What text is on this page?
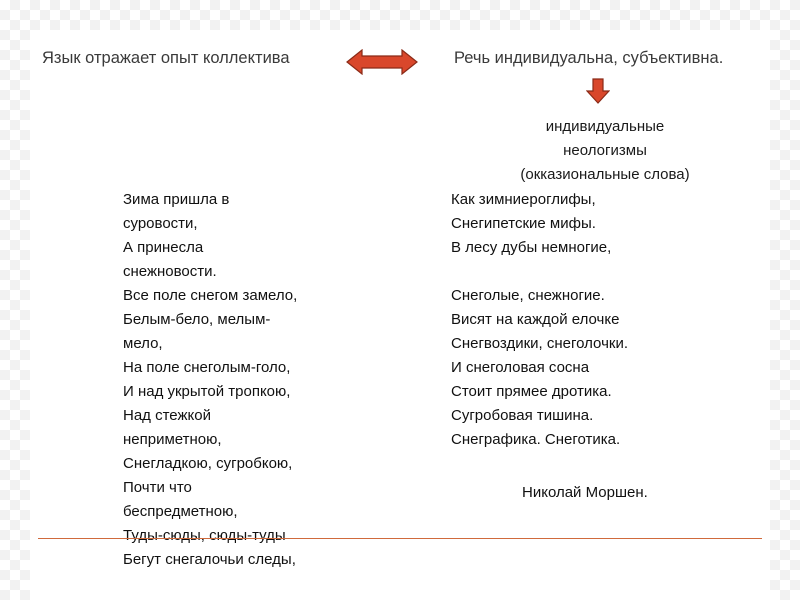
Язык отражает опыт коллектива	Речь индивидуальна, субъективна.
индивидуальные
неологизмы
(окказиональные слова)
Зима пришла в
суровости,
А принесла
снежновости.
Все поле снегом замело,
Белым-бело, мелым-
мело,
На поле снеголым-голо,
И над укрытой тропкою,
Над стежкой
неприметною,
Снегладкою, сугробкою,
Почти что
беспредметною,
Туды-сюды, сюды-туды
Бегут снегалочьи следы,
Как зимниероглифы,
Снегипетские мифы.
В лесу дубы немногие,
Снеголые, снежногие.
Висят на каждой елочке
Снегвоздики, снеголочки.
И снеголовая сосна
Стоит прямее дротика.
Сугробовая тишина.
Снеграфика. Снеготика.
Николай Моршен.
